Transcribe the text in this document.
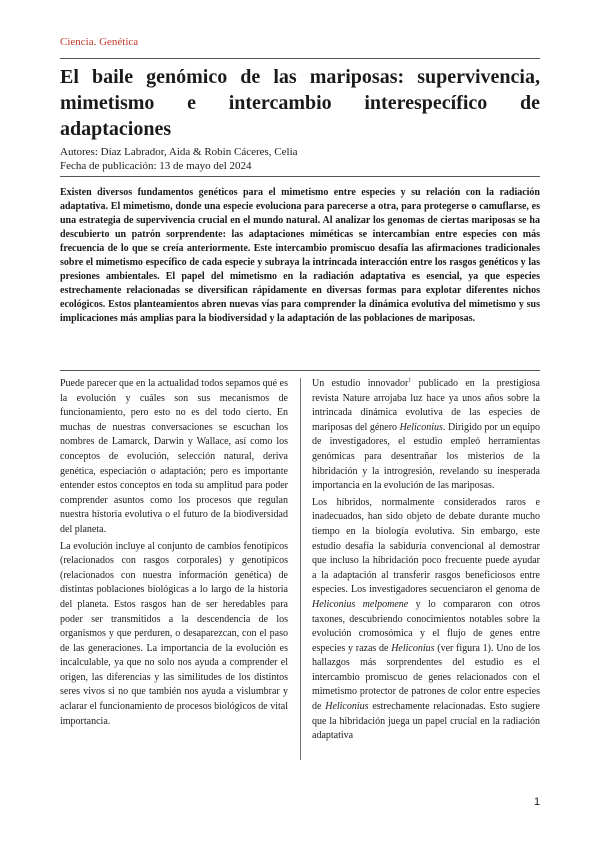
Ciencia. Genética
El baile genómico de las mariposas: supervivencia, mimetismo e intercambio interespecífico de adaptaciones
Autores: Díaz Labrador, Aida & Robin Cáceres, Celia
Fecha de publicación: 13 de mayo del 2024

Existen diversos fundamentos genéticos para el mimetismo entre especies y su relación con la radiación adaptativa. El mimetismo, donde una especie evoluciona para parecerse a otra, para protegerse o camuflarse, es una estrategia de supervivencia crucial en el mundo natural. Al analizar los genomas de ciertas mariposas se ha descubierto un patrón sorprendente: las adaptaciones miméticas se intercambian entre especies con más frecuencia de lo que se creía anteriormente. Este intercambio promiscuo desafía las afirmaciones tradicionales sobre el mimetismo específico de cada especie y subraya la intrincada interacción entre los rasgos genéticos y las presiones ambientales. El papel del mimetismo en la radiación adaptativa es esencial, ya que especies estrechamente relacionadas se diversifican rápidamente en diversas formas para explotar diferentes nichos ecológicos. Estos planteamientos abren nuevas vías para comprender la dinámica evolutiva del mimetismo y sus implicaciones más amplias para la biodiversidad y la adaptación de las poblaciones de mariposas.

Puede parecer que en la actualidad todos sepamos qué es la evolución y cuáles son sus mecanismos de funcionamiento, pero esto no es del todo cierto. En muchas de nuestras conversaciones se escuchan los nombres de Lamarck, Darwin y Wallace, así como los conceptos de evolución, selección natural, deriva genética, especiación o adaptación; pero es importante entender estos conceptos en toda su amplitud para poder comprender asuntos como los procesos que regulan nuestra historia evolutiva o el futuro de la biodiversidad del planeta.

La evolución incluye al conjunto de cambios fenotípicos (relacionados con rasgos corporales) y genotípicos (relacionados con nuestra información genética) de distintas poblaciones biológicas a lo largo de la historia del planeta. Estos rasgos han de ser heredables para poder ser transmitidos a la descendencia de los organismos y que perduren, o desaparezcan, con el paso de las generaciones. La importancia de la evolución es incalculable, ya que no solo nos ayuda a comprender el origen, las diferencias y las similitudes de los distintos seres vivos si no que también nos ayuda a vislumbrar y aclarar el funcionamiento de procesos biológicos de vital importancia.

Un estudio innovador$^1$ publicado en la prestigiosa revista Nature arrojaba luz hace ya unos años sobre la intrincada dinámica evolutiva de las especies de mariposas del género Heliconius. Dirigido por un equipo de investigadores, el estudio empleó herramientas genómicas para desentrañar los misterios de la hibridación y la introgresión, revelando su inesperada importancia en la evolución de las mariposas.

Los híbridos, normalmente considerados raros e inadecuados, han sido objeto de debate durante mucho tiempo en la biología evolutiva. Sin embargo, este estudio desafía la sabiduría convencional al demostrar que incluso la hibridación poco frecuente puede ayudar a la adaptación al transferir rasgos beneficiosos entre especies. Los investigadores secuenciaron el genoma de Heliconius melpomene y lo compararon con otros taxones, descubriendo conocimientos notables sobre la evolución cromosómica y el flujo de genes entre especies y razas de Heliconius (ver figura 1). Uno de los hallazgos más sorprendentes del estudio es el intercambio promiscuo de genes relacionados con el mimetismo protector de patrones de color entre especies de Heliconius estrechamente relacionadas. Esto sugiere que la hibridación juega un papel crucial en la radiación adaptativa

1
